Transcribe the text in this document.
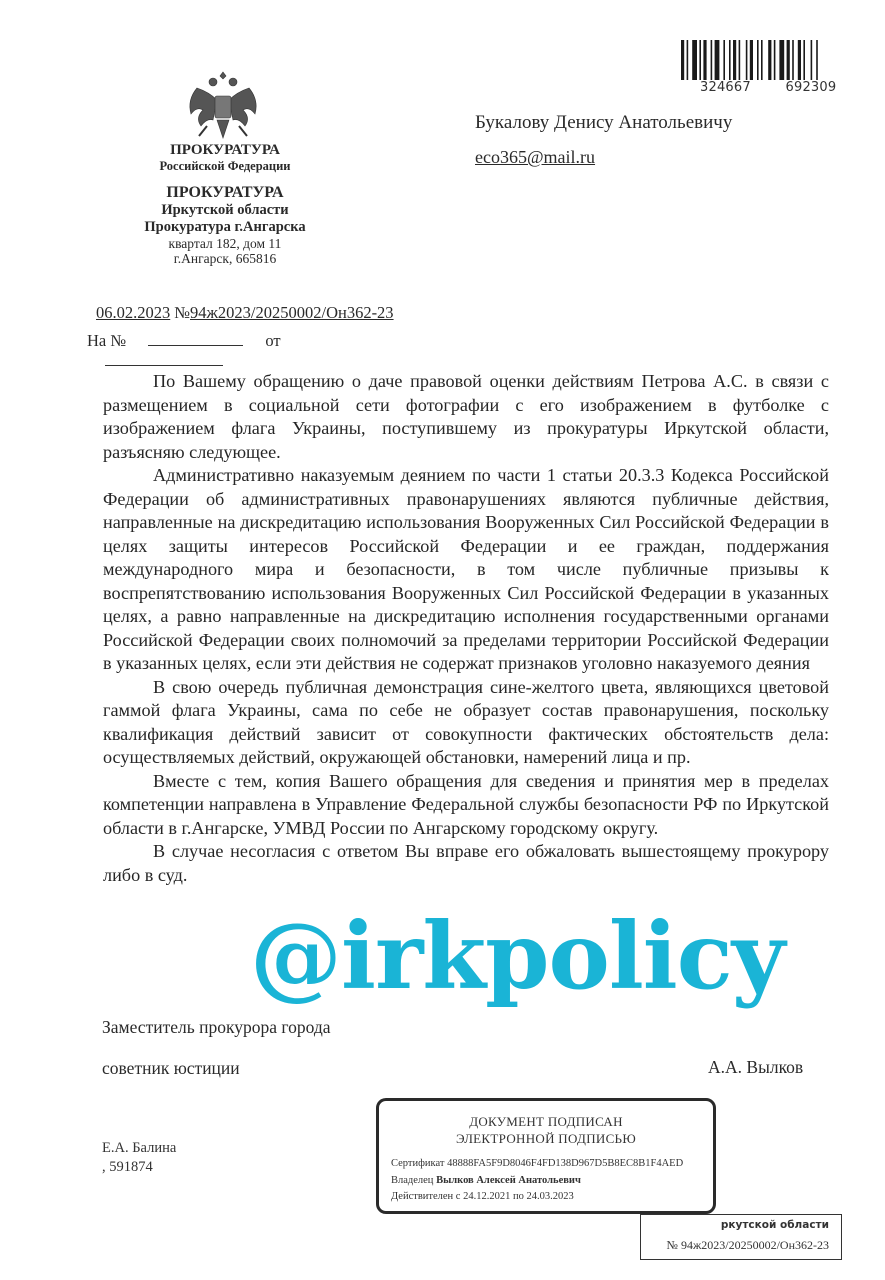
ПРОКУРАТУРА
Российской Федерации
ПРОКУРАТУРА
Иркутской области
Прокуратура г.Ангарска
квартал 182, дом 11
г.Ангарск, 665816
324667	692309
Букалову Денису Анатольевичу
eco365@mail.ru
06.02.2023 №94ж2023/20250002/Он362-23
На №	от

По Вашему обращению о даче правовой оценки действиям Петрова А.С. в связи с размещением в социальной сети фотографии с его изображением в футболке с изображением флага Украины, поступившему из прокуратуры Иркутской области, разъясняю следующее.

Административно наказуемым деянием по части 1 статьи 20.3.3 Кодекса Российской Федерации об административных правонарушениях являются публичные действия, направленные на дискредитацию использования Вооруженных Сил Российской Федерации в целях защиты интересов Российской Федерации и ее граждан, поддержания международного мира и безопасности, в том числе публичные призывы к воспрепятствованию использования Вооруженных Сил Российской Федерации в указанных целях, а равно направленные на дискредитацию исполнения государственными органами Российской Федерации своих полномочий за пределами территории Российской Федерации в указанных целях, если эти действия не содержат признаков уголовно наказуемого деяния

В свою очередь публичная демонстрация сине-желтого цвета, являющихся цветовой гаммой флага Украины, сама по себе не образует состав правонарушения, поскольку квалификация действий зависит от совокупности фактических обстоятельств дела: осуществляемых действий, окружающей обстановки, намерений лица и пр.

Вместе с тем, копия Вашего обращения для сведения и принятия мер в пределах компетенции направлена в Управление Федеральной службы безопасности РФ по Иркутской области в г.Ангарске, УМВД России по Ангарскому городскому округу.

В случае несогласия с ответом Вы вправе его обжаловать вышестоящему прокурору либо в суд.

@irkpolicy
Заместитель прокурора города
советник юстиции	А.А. Вылков
Е.А. Балина
, 591874
ДОКУМЕНТ ПОДПИСАН
ЭЛЕКТРОННОЙ ПОДПИСЬЮ
Сертификат 48888FA5F9D8046F4FD138D967D5B8EC8B1F4AED
Владелец Вылков Алексей Анатольевич
Действителен с 24.12.2021 по 24.03.2023
ркутской области
№ 94ж2023/20250002/Он362-23
